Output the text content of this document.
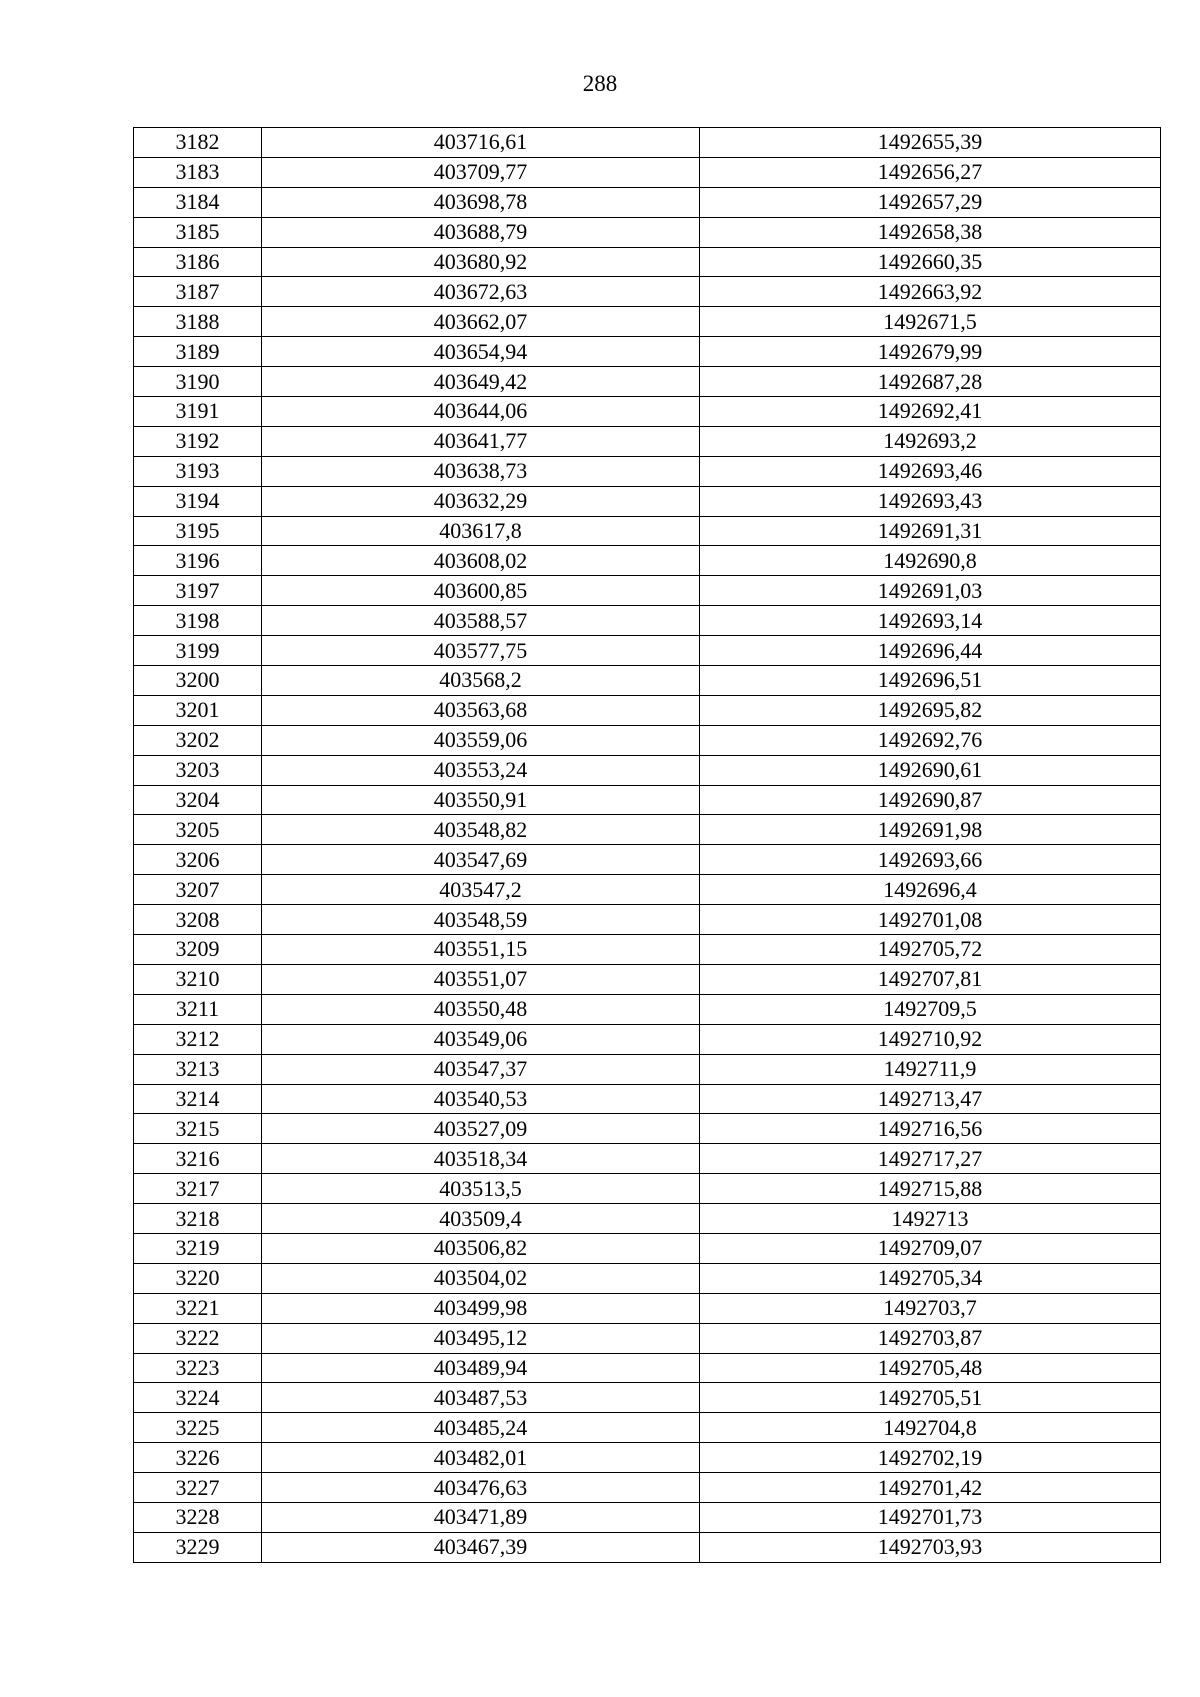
288
3182	403716,61	1492655,39
3183	403709,77	1492656,27
3184	403698,78	1492657,29
3185	403688,79	1492658,38
3186	403680,92	1492660,35
3187	403672,63	1492663,92
3188	403662,07	1492671,5
3189	403654,94	1492679,99
3190	403649,42	1492687,28
3191	403644,06	1492692,41
3192	403641,77	1492693,2
3193	403638,73	1492693,46
3194	403632,29	1492693,43
3195	403617,8	1492691,31
3196	403608,02	1492690,8
3197	403600,85	1492691,03
3198	403588,57	1492693,14
3199	403577,75	1492696,44
3200	403568,2	1492696,51
3201	403563,68	1492695,82
3202	403559,06	1492692,76
3203	403553,24	1492690,61
3204	403550,91	1492690,87
3205	403548,82	1492691,98
3206	403547,69	1492693,66
3207	403547,2	1492696,4
3208	403548,59	1492701,08
3209	403551,15	1492705,72
3210	403551,07	1492707,81
3211	403550,48	1492709,5
3212	403549,06	1492710,92
3213	403547,37	1492711,9
3214	403540,53	1492713,47
3215	403527,09	1492716,56
3216	403518,34	1492717,27
3217	403513,5	1492715,88
3218	403509,4	1492713
3219	403506,82	1492709,07
3220	403504,02	1492705,34
3221	403499,98	1492703,7
3222	403495,12	1492703,87
3223	403489,94	1492705,48
3224	403487,53	1492705,51
3225	403485,24	1492704,8
3226	403482,01	1492702,19
3227	403476,63	1492701,42
3228	403471,89	1492701,73
3229	403467,39	1492703,93
